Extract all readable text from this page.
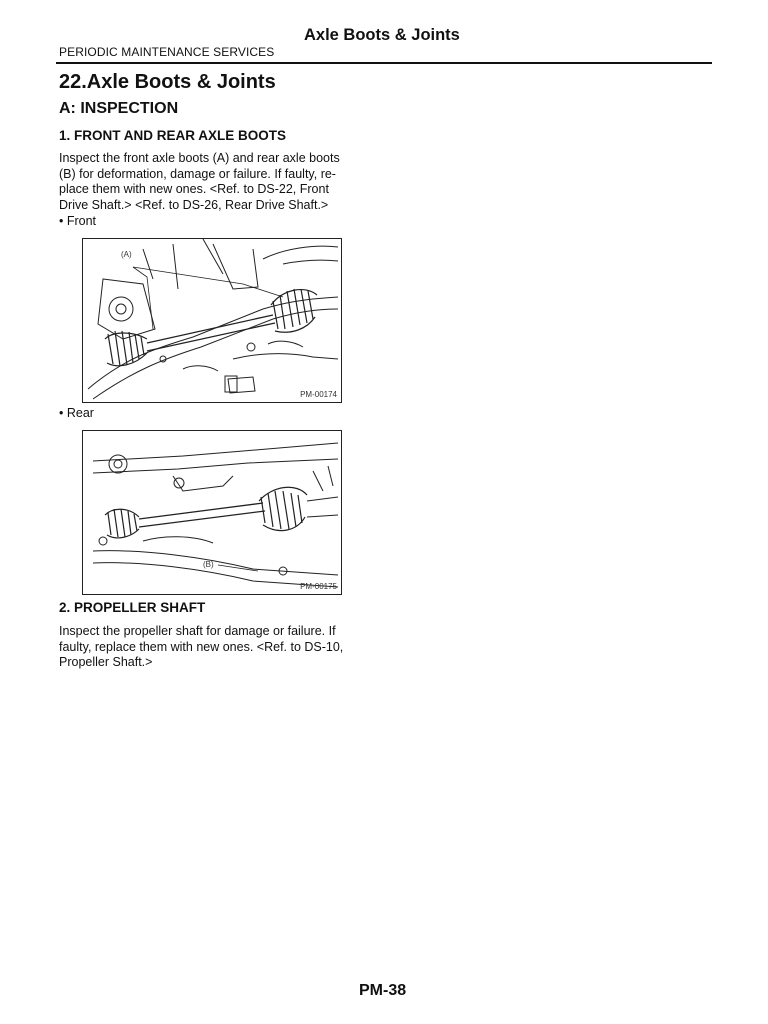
Axle Boots & Joints
PERIODIC MAINTENANCE SERVICES
22.Axle Boots & Joints
A: INSPECTION
1. FRONT AND REAR AXLE BOOTS
Inspect the front axle boots (A) and rear axle boots
(B) for deformation, damage or failure. If faulty, re-
place them with new ones. <Ref. to DS-22, Front
Drive Shaft.> <Ref. to DS-26, Rear Drive Shaft.>
• Front
(A)
PM-00174
• Rear
(B)
PM-00175
2. PROPELLER SHAFT
Inspect the propeller shaft for damage or failure. If
faulty, replace them with new ones. <Ref. to DS-10,
Propeller Shaft.>
PM-38
